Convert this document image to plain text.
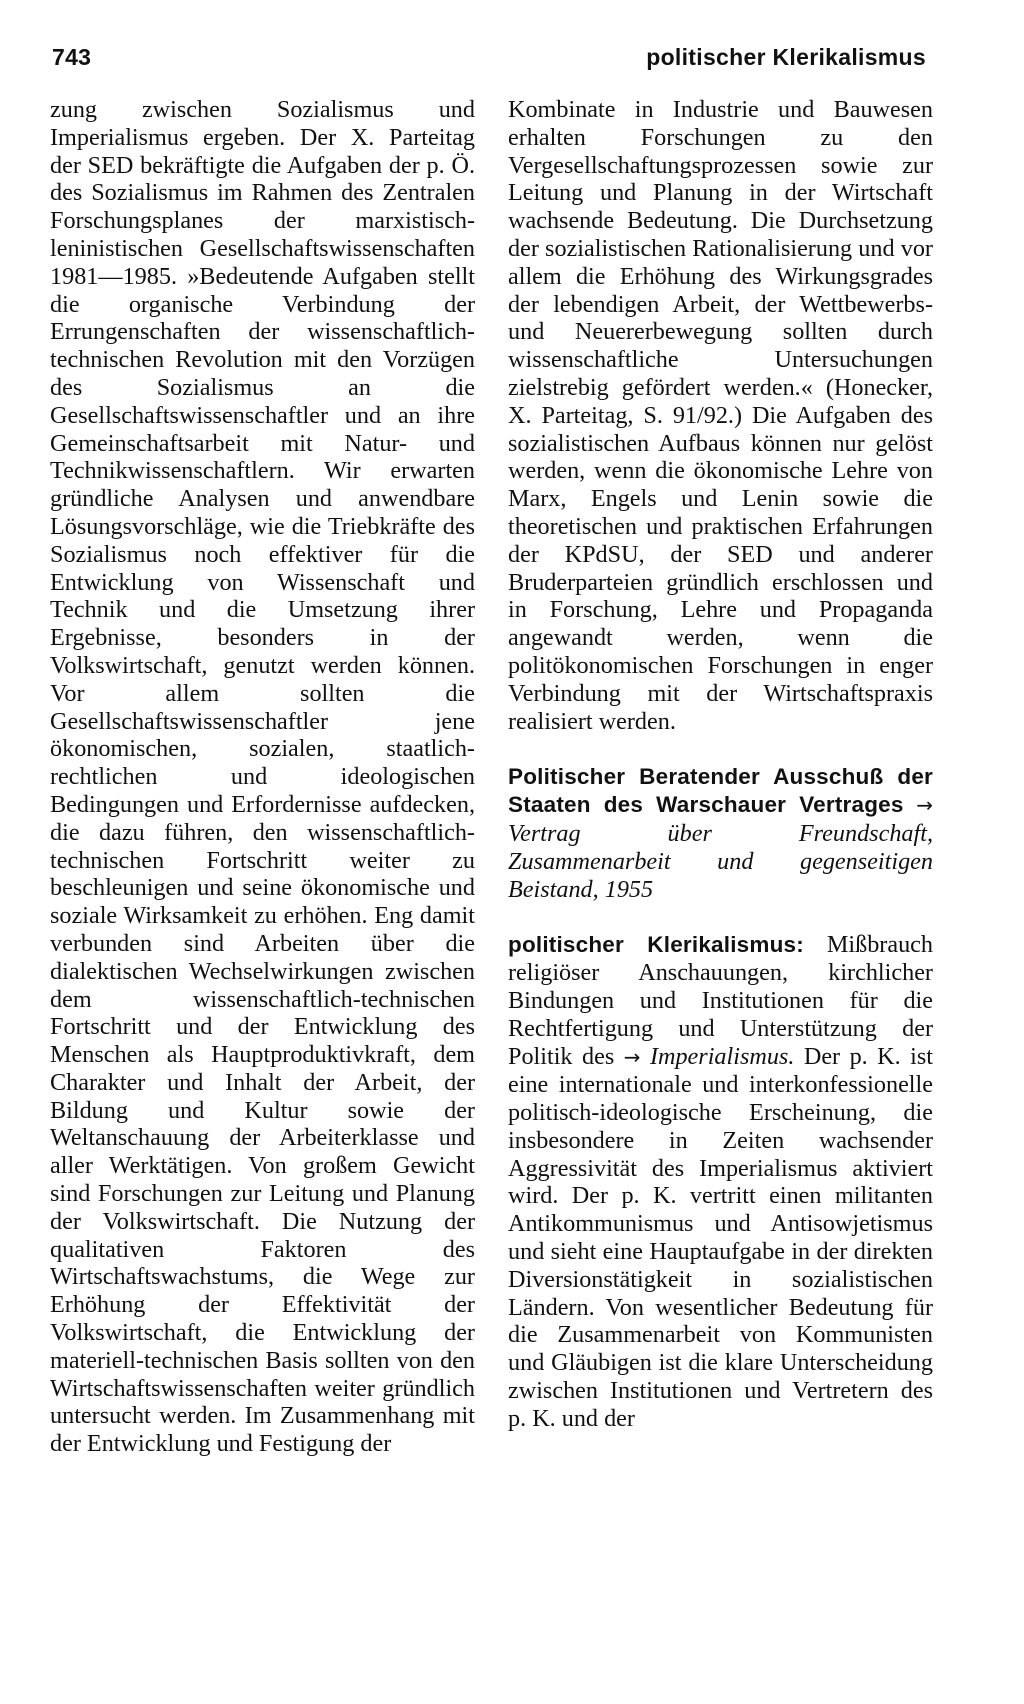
743	politischer Klerikalismus

zung zwischen Sozialismus und Imperialismus ergeben. Der X. Parteitag der SED bekräftigte die Aufgaben der p. Ö. des Sozialismus im Rahmen des Zentralen Forschungsplanes der marxistisch-leninistischen Gesellschaftswissenschaften 1981—1985. »Bedeutende Aufgaben stellt die organische Verbindung der Errungenschaften der wissenschaftlich-technischen Revolution mit den Vorzügen des Sozialismus an die Gesellschaftswissenschaftler und an ihre Gemeinschaftsarbeit mit Natur- und Technikwissenschaftlern. Wir erwarten gründliche Analysen und anwendbare Lösungsvorschläge, wie die Triebkräfte des Sozialismus noch effektiver für die Entwicklung von Wissenschaft und Technik und die Umsetzung ihrer Ergebnisse, besonders in der Volkswirtschaft, genutzt werden können. Vor allem sollten die Gesellschaftswissenschaftler jene ökonomischen, sozialen, staatlich-rechtlichen und ideologischen Bedingungen und Erfordernisse aufdecken, die dazu führen, den wissenschaftlich-technischen Fortschritt weiter zu beschleunigen und seine ökonomische und soziale Wirksamkeit zu erhöhen. Eng damit verbunden sind Arbeiten über die dialektischen Wechselwirkungen zwischen dem wissenschaftlich-technischen Fortschritt und der Entwicklung des Menschen als Hauptproduktivkraft, dem Charakter und Inhalt der Arbeit, der Bildung und Kultur sowie der Weltanschauung der Arbeiterklasse und aller Werktätigen. Von großem Gewicht sind Forschungen zur Leitung und Planung der Volkswirtschaft. Die Nutzung der qualitativen Faktoren des Wirtschaftswachstums, die Wege zur Erhöhung der Effektivität der Volkswirtschaft, die Entwicklung der materiell-technischen Basis sollten von den Wirtschaftswissenschaften weiter gründlich untersucht werden. Im Zusammenhang mit der Entwicklung und Festigung der

Kombinate in Industrie und Bauwesen erhalten Forschungen zu den Vergesellschaftungsprozessen sowie zur Leitung und Planung in der Wirtschaft wachsende Bedeutung. Die Durchsetzung der sozialistischen Rationalisierung und vor allem die Erhöhung des Wirkungsgrades der lebendigen Arbeit, der Wettbewerbs- und Neuererbewegung sollten durch wissenschaftliche Untersuchungen zielstrebig gefördert werden.« (Honecker, X. Parteitag, S. 91/92.) Die Aufgaben des sozialistischen Aufbaus können nur gelöst werden, wenn die ökonomische Lehre von Marx, Engels und Lenin sowie die theoretischen und praktischen Erfahrungen der KPdSU, der SED und anderer Bruderparteien gründlich erschlossen und in Forschung, Lehre und Propaganda angewandt werden, wenn die politökonomischen Forschungen in enger Verbindung mit der Wirtschaftspraxis realisiert werden.

Politischer Beratender Ausschuß der Staaten des Warschauer Vertrages → Vertrag über Freundschaft, Zusammenarbeit und gegenseitigen Beistand, 1955

politischer Klerikalismus: Mißbrauch religiöser Anschauungen, kirchlicher Bindungen und Institutionen für die Rechtfertigung und Unterstützung der Politik des → Imperialismus. Der p. K. ist eine internationale und interkonfessionelle politisch-ideologische Erscheinung, die insbesondere in Zeiten wachsender Aggressivität des Imperialismus aktiviert wird. Der p. K. vertritt einen militanten Antikommunismus und Antisowjetismus und sieht eine Hauptaufgabe in der direkten Diversionstätigkeit in sozialistischen Ländern. Von wesentlicher Bedeutung für die Zusammenarbeit von Kommunisten und Gläubigen ist die klare Unterscheidung zwischen Institutionen und Vertretern des p. K. und der
